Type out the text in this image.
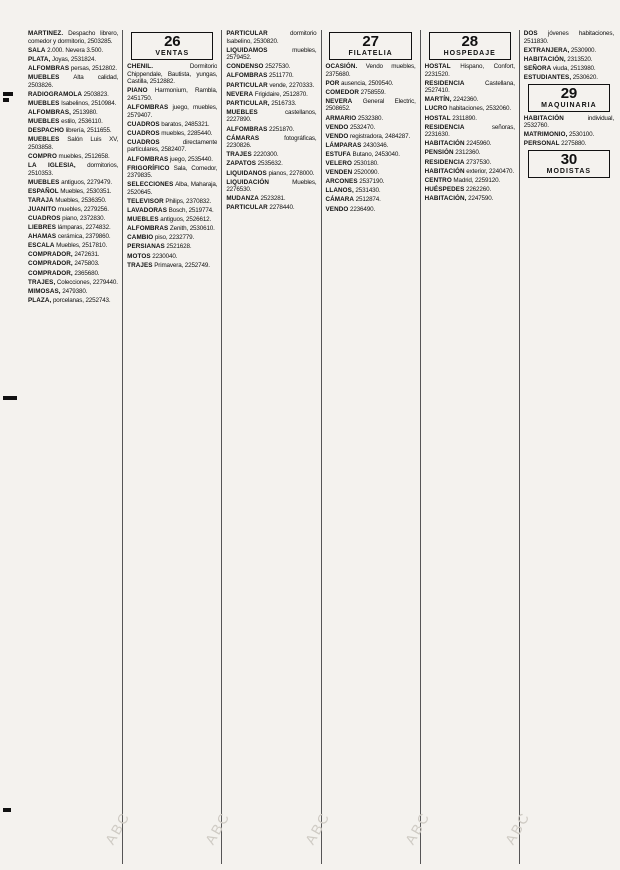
MARTINEZ. Despacho librero, comedor y dormitorio, 2503285.

SALA 2.000. Nevera 3.500.

PLATA, Joyas, 2531824.

ALFOMBRAS persas, 2512802.

MUEBLES Alta calidad, 2503826.

RADIOGRAMOLA 2503823.

MUEBLES Isabelinos, 2510984.

ALFOMBRAS, 2513980.

MUEBLES estilo, 2536110.

DESPACHO librería, 2511655.

MUEBLES Salón Luis XV, 2503858.

COMPRO muebles, 2512658.

LA IGLESIA, dormitorios, 2510353.

MUEBLES antiguos, 2279479.

ESPAÑOL Muebles, 2530351.

TARAJA Muebles, 2536350.

JUANITO muebles, 2279256.

CUADROS piano, 2372830.

LIEBRES lámparas, 2274832.

AHAMAS cerámica, 2379860.

ESCALA Muebles, 2517810.

COMPRADOR, 2472631.

COMPRADOR, 2475803.

COMPRADOR, 2365680.

TRAJES, Colecciones, 2279440.

MIMOSAS, 2479380.

PLAZA, porcelanas, 2252743.

26
VENTAS

CHENIL. Dormitorio Chippendale, Bautista, yungas, Castilla, 2512882.

PIANO Harmonium, Rambla, 2451750.

ALFOMBRAS juego, muebles, 2579407.

CUADROS baratos, 2485321.

CUADROS muebles, 2285440.

CUADROS directamente particulares, 2582407.

ALFOMBRAS juego, 2535440.

FRIGORÍFICO Sala, Comedor, 2379835.

SELECCIONES Alba, Maharaja, 2520645.

TELEVISOR Philips, 2370832.

LAVADORAS Bosch, 2519774.

MUEBLES antiguos, 2526612.

ALFOMBRAS Zenith, 2530610.

CAMBIO piso, 2232779.

PERSIANAS 2521628.

MOTOS 2230040.

TRAJES Primavera, 2252749.

PARTICULAR dormitorio Isabelino, 2530820.

LIQUIDAMOS muebles, 2579452.

CONDENSO 2527530.

ALFOMBRAS 2511770.

PARTICULAR vende, 2270333.

NEVERA Frigidaire, 2512870.

PARTICULAR, 2516733.

MUEBLES castellanos, 2227890.

ALFOMBRAS 2251870.

CÁMARAS fotográficas, 2230826.

TRAJES 2220300.

ZAPATOS 2535632.

LIQUIDANOS pianos, 2278000.

LIQUIDACIÓN Muebles, 2276530.

MUDANZA 2523281.

PARTICULAR 2278440.

27
FILATELIA

OCASIÓN. Vendo muebles, 2375680.

POR ausencia, 2509540.

COMEDOR 2758559.

NEVERA General Electric, 2508652.

ARMARIO 2532380.

VENDO 2532470.

VENDO registradora, 2484287.

LÁMPARAS 2430346.

ESTUFA Butano, 2453040.

VELERO 2530180.

VENDEN 2520090.

ARCONES 2537190.

LLANOS, 2531430.

CÁMARA 2512874.

VENDO 2236490.

28
HOSPEDAJE

HOSTAL Hispano, Confort, 2231520.

RESIDENCIA Castellana, 2527410.

MARTÍN, 2242360.

LUCRO habitaciones, 2532060.

HOSTAL 2311890.

RESIDENCIA señoras, 2231630.

HABITACIÓN 2245960.

PENSIÓN 2312360.

RESIDENCIA 2737530.

HABITACIÓN exterior, 2240470.

CENTRO Madrid, 2259120.

HUÉSPEDES 2262260.

HABITACIÓN, 2247590.

DOS jóvenes habitaciones, 2511830.

EXTRANJERA, 2530900.

HABITACIÓN, 2313520.

SEÑORA viuda, 2513980.

ESTUDIANTES, 2530620.

29
MAQUINARIA

HABITACIÓN individual, 2532760.

MATRIMONIO, 2530100.

PERSONAL 2275880.

30
MODISTAS
ABC	ABC	ABC	ABC	ABC
